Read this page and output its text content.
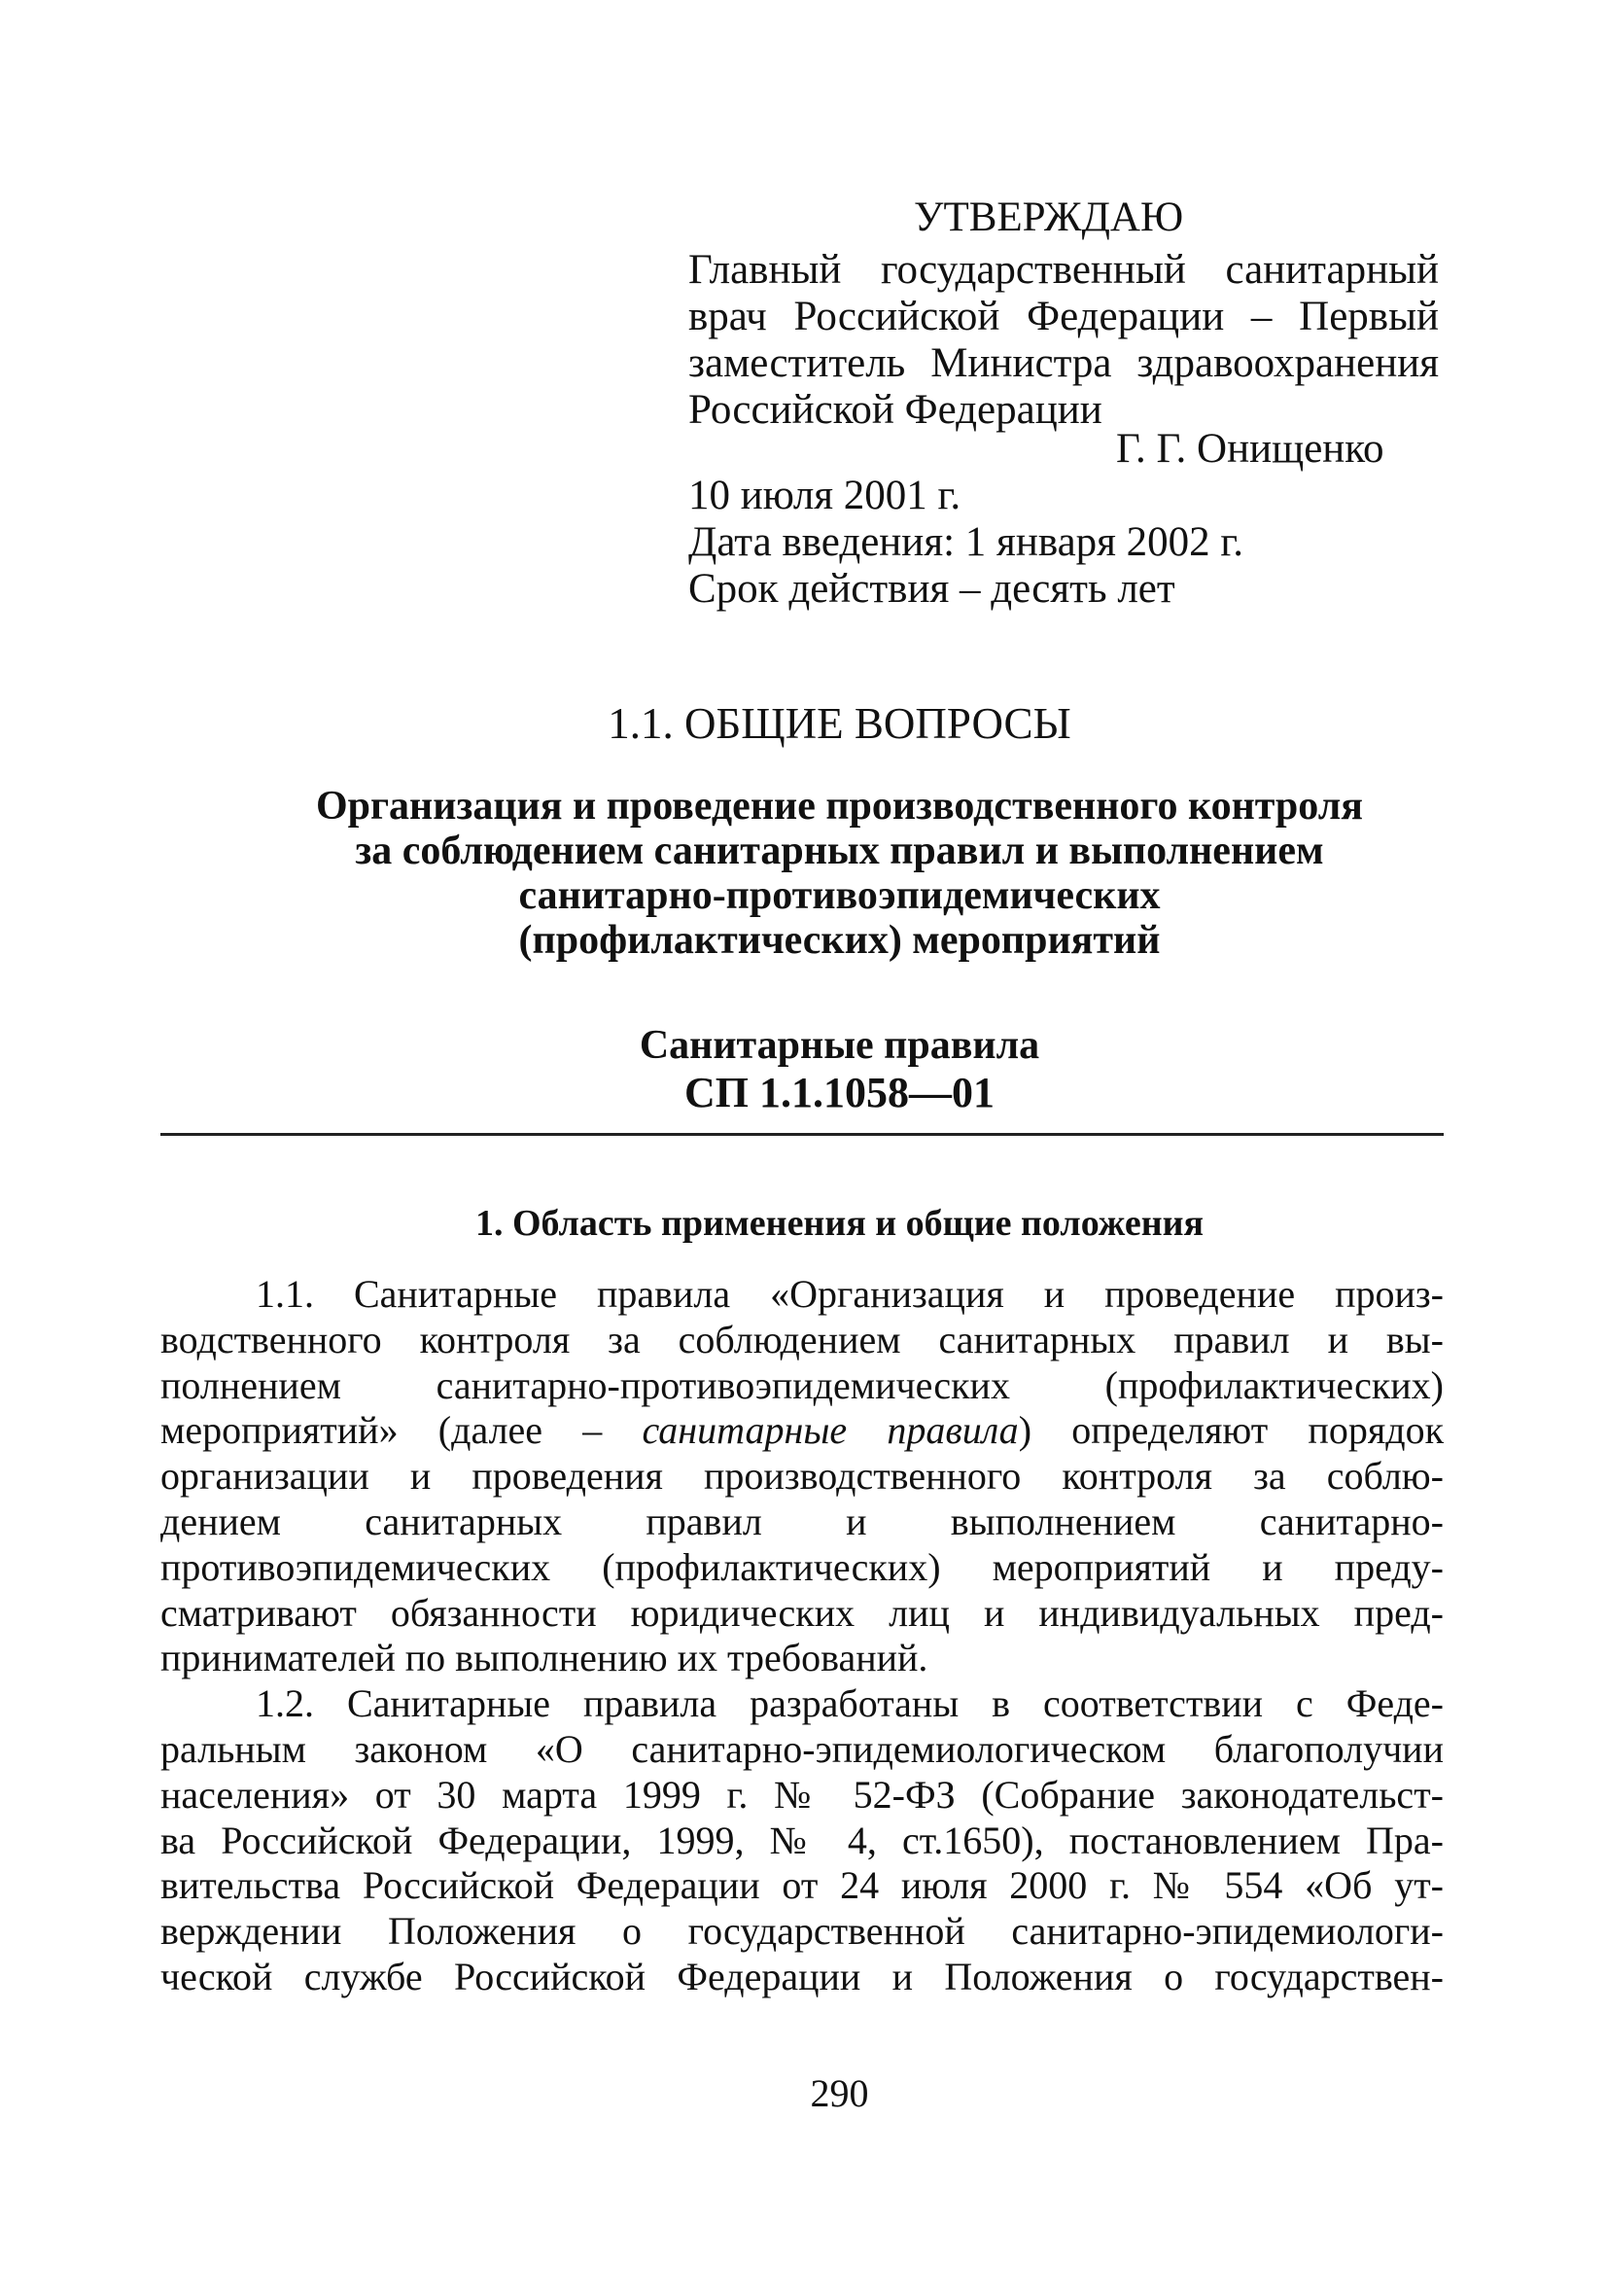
УТВЕРЖДАЮ
Главный государственный санитарный
врач Российской Федерации – Первый
заместитель Министра здравоохранения
Российской Федерации
Г. Г. Онищенко
10 июля 2001 г.
Дата введения: 1 января 2002 г.
Срок действия – десять лет
1.1. ОБЩИЕ ВОПРОСЫ
Организация и проведение производственного контроля
за соблюдением санитарных правил и выполнением
санитарно-противоэпидемических
(профилактических) мероприятий
Санитарные правила
СП 1.1.1058—01
1. Область применения и общие положения
1.1. Санитарные правила «Организация и проведение произ-
водственного контроля за соблюдением санитарных правил и вы-
полнением санитарно-противоэпидемических (профилактических)
мероприятий» (далее – санитарные правила) определяют порядок
организации и проведения производственного контроля за соблю-
дением санитарных правил и выполнением санитарно-
противоэпидемических (профилактических) мероприятий и преду-
сматривают обязанности юридических лиц и индивидуальных пред-
принимателей по выполнению их требований.
1.2. Санитарные правила разработаны в соответствии с Феде-
ральным законом «О санитарно-эпидемиологическом благополучии
населения» от 30 марта 1999 г. № 52-ФЗ (Собрание законодательст-
ва Российской Федерации, 1999, № 4, ст.1650), постановлением Пра-
вительства Российской Федерации от 24 июля 2000 г. № 554 «Об ут-
верждении Положения о государственной санитарно-эпидемиологи-
ческой службе Российской Федерации и Положения о государствен-
290
